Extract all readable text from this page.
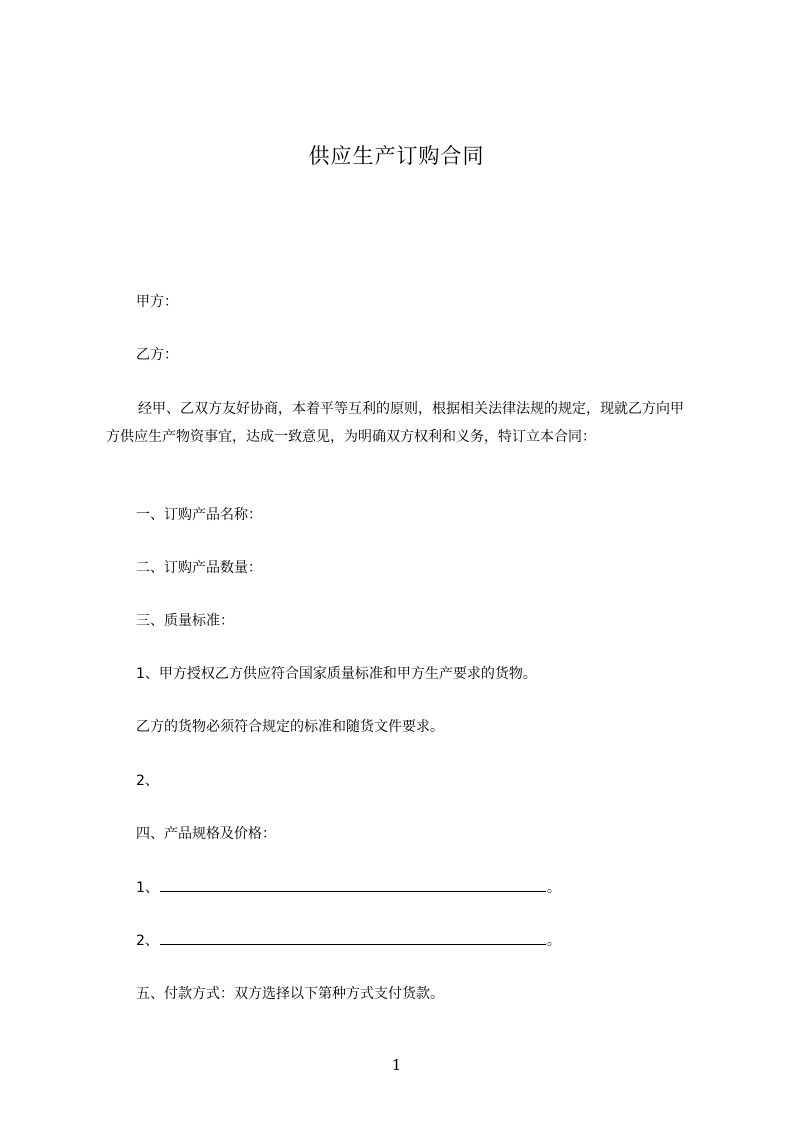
供应生产订购合同
甲方：
乙方：
经甲、乙双方友好协商，本着平等互利的原则，根据相关法律法规的规定，现就乙方向甲方供应生产物资事宜，达成一致意见，为明确双方权利和义务，特订立本合同：
一、订购产品名称：
二、订购产品数量：
三、质量标准：
1、甲方授权乙方供应符合国家质量标准和甲方生产要求的货物。
乙方的货物必须符合规定的标准和随货文件要求。
2、
四、产品规格及价格：
1、	。
2、	。
五、付款方式：双方选择以下第种方式支付货款。
1
